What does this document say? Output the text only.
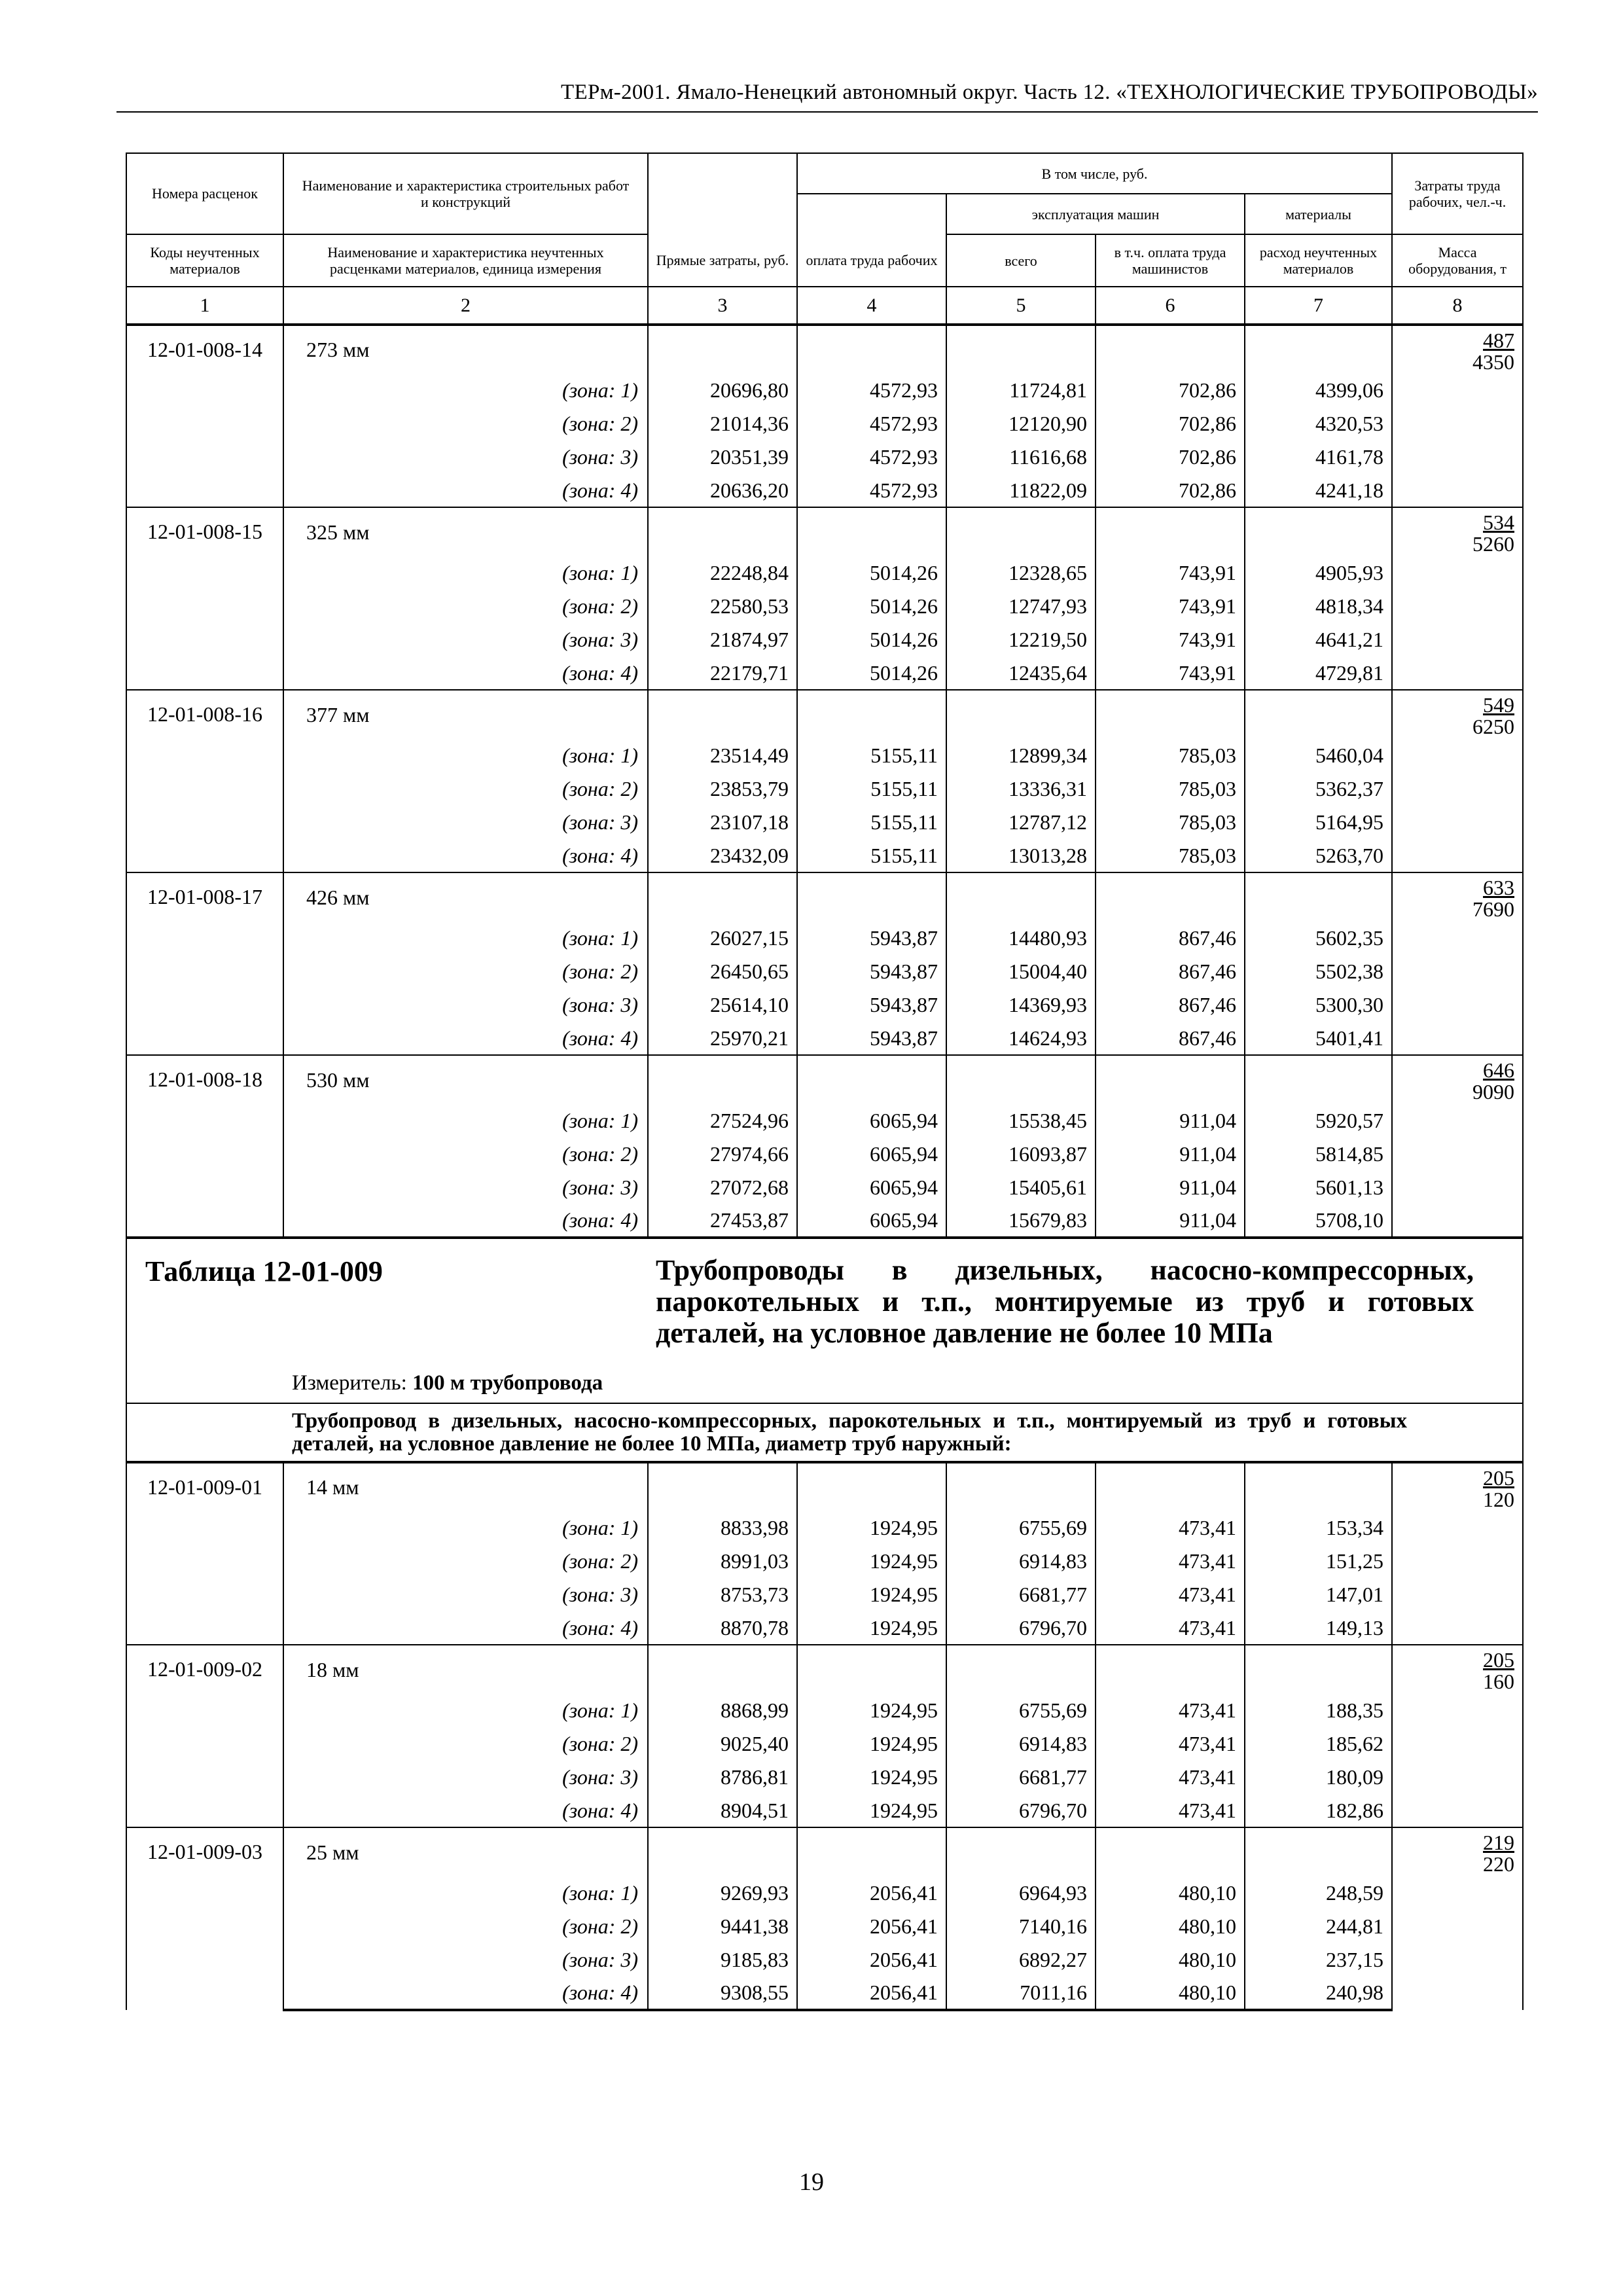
ТЕРм-2001. Ямало-Ненецкий автономный округ. Часть 12. «ТЕХНОЛОГИЧЕСКИЕ ТРУБОПРОВОДЫ»
Номера расценок	Наименование и характеристика строительных работ и конструкций		В том числе, руб.				Затраты труда рабочих, чел.-ч.

				эксплуатация машин		материалы	

Коды неучтенных материалов	Наименование и характеристика неучтенных расценками материалов, единица измерения	Прямые затраты, руб.	оплата труда рабочих	всего	в т.ч. оплата труда машинистов	расход неучтенных материалов	Масса оборудования, т
1	2	3	4	5	6	7	8
12-01-008-14	273 мм						487
4350

	(зона: 1)	20696,80	4572,93	11724,81	702,86	4399,06	
	(зона: 2)	21014,36	4572,93	12120,90	702,86	4320,53	
	(зона: 3)	20351,39	4572,93	11616,68	702,86	4161,78	
	(зона: 4)	20636,20	4572,93	11822,09	702,86	4241,18	
12-01-008-15	325 мм						534
5260

	(зона: 1)	22248,84	5014,26	12328,65	743,91	4905,93	
	(зона: 2)	22580,53	5014,26	12747,93	743,91	4818,34	
	(зона: 3)	21874,97	5014,26	12219,50	743,91	4641,21	
	(зона: 4)	22179,71	5014,26	12435,64	743,91	4729,81	
12-01-008-16	377 мм						549
6250

	(зона: 1)	23514,49	5155,11	12899,34	785,03	5460,04	
	(зона: 2)	23853,79	5155,11	13336,31	785,03	5362,37	
	(зона: 3)	23107,18	5155,11	12787,12	785,03	5164,95	
	(зона: 4)	23432,09	5155,11	13013,28	785,03	5263,70	
12-01-008-17	426 мм						633
7690

	(зона: 1)	26027,15	5943,87	14480,93	867,46	5602,35	
	(зона: 2)	26450,65	5943,87	15004,40	867,46	5502,38	
	(зона: 3)	25614,10	5943,87	14369,93	867,46	5300,30	
	(зона: 4)	25970,21	5943,87	14624,93	867,46	5401,41	
12-01-008-18	530 мм						646
9090

	(зона: 1)	27524,96	6065,94	15538,45	911,04	5920,57	
	(зона: 2)	27974,66	6065,94	16093,87	911,04	5814,85	
	(зона: 3)	27072,68	6065,94	15405,61	911,04	5601,13	
	(зона: 4)	27453,87	6065,94	15679,83	911,04	5708,10	

Таблица 12-01-009 Трубопроводы в дизельных, насосно-компрессорных, парокотельных и т.п., монтируемые из труб и готовых деталей, на условное давление не более 10 МПа
Измеритель: 100 м трубопровода							

Трубопровод в дизельных, насосно-компрессорных, парокотельных и т.п., монтируемый из труб и готовых деталей, на условное давление не более 10 МПа, диаметр труб наружный:							
12-01-009-01	14 мм						205
120

	(зона: 1)	8833,98	1924,95	6755,69	473,41	153,34	
	(зона: 2)	8991,03	1924,95	6914,83	473,41	151,25	
	(зона: 3)	8753,73	1924,95	6681,77	473,41	147,01	
	(зона: 4)	8870,78	1924,95	6796,70	473,41	149,13	
12-01-009-02	18 мм						205
160

	(зона: 1)	8868,99	1924,95	6755,69	473,41	188,35	
	(зона: 2)	9025,40	1924,95	6914,83	473,41	185,62	
	(зона: 3)	8786,81	1924,95	6681,77	473,41	180,09	
	(зона: 4)	8904,51	1924,95	6796,70	473,41	182,86	
12-01-009-03	25 мм						219
220

	(зона: 1)	9269,93	2056,41	6964,93	480,10	248,59	
	(зона: 2)	9441,38	2056,41	7140,16	480,10	244,81	
	(зона: 3)	9185,83	2056,41	6892,27	480,10	237,15	
	(зона: 4)	9308,55	2056,41	7011,16	480,10	240,98	
19
